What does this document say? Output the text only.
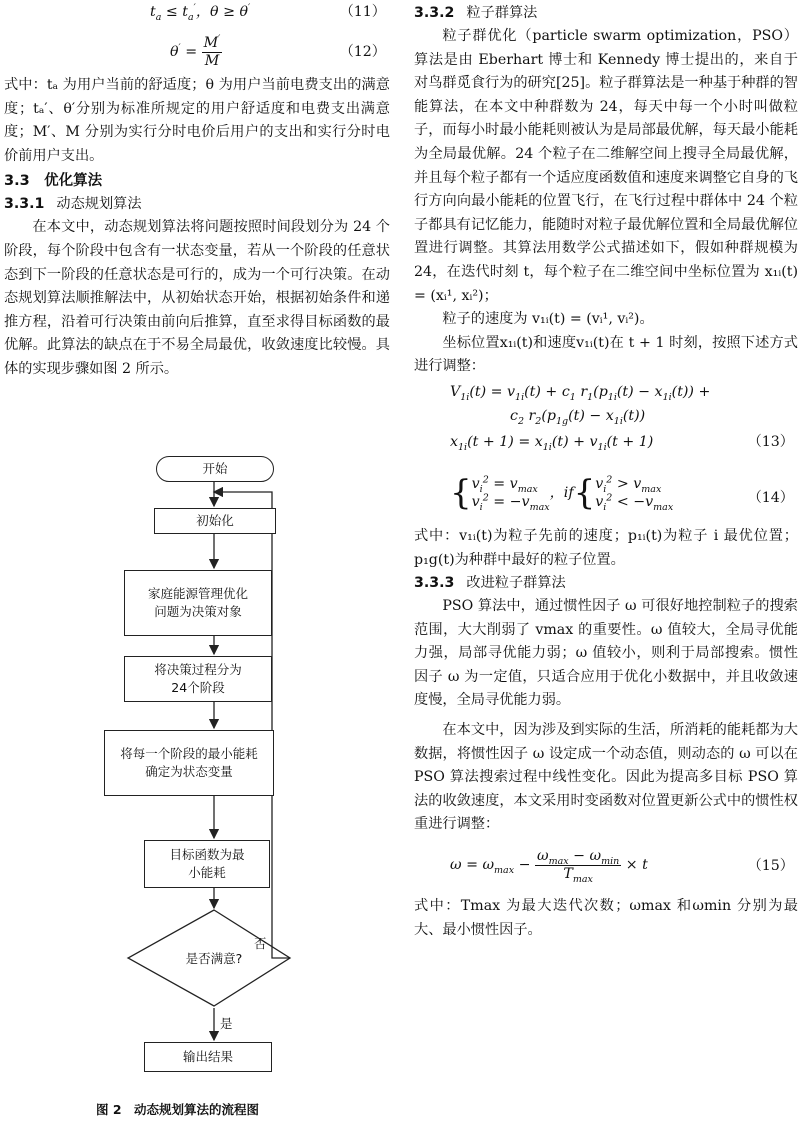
$t_a \le t_a'$，θ ≥ θ′	（11）
$\theta' = \frac{M'}{M}$	（12）

式中：tₐ 为用户当前的舒适度；θ 为用户当前电费支出的满意度；tₐ′、θ′分别为标准所规定的用户舒适度和电费支出满意度；M′、M 分别为实行分时电价后用户的支出和实行分时电价前用户支出。

3.3　优化算法

3.3.1 动态规划算法

在本文中，动态规划算法将问题按照时间段划分为 24 个阶段，每个阶段中包含有一状态变量，若从一个阶段的任意状态到下一阶段的任意状态是可行的，成为一个可行决策。在动态规划算法顺推解法中，从初始状态开始，根据初始条件和递推方程，沿着可行决策由前向后推算，直至求得目标函数的最优解。此算法的缺点在于不易全局最优，收敛速度比较慢。具体的实现步骤如图 2 所示。

开始
初始化
家庭能源管理优化问题为决策对象
将决策过程分为24个阶段
将每一个阶段的最小能耗确定为状态变量
目标函数为最小能耗
是否满意?
否
是
输出结果
图 2　动态规划算法的流程图

3.3.2 粒子群算法

粒子群优化（particle swarm optimization，PSO）算法是由 Eberhart 博士和 Kennedy 博士提出的，来自于对鸟群觅食行为的研究[25]。粒子群算法是一种基于种群的智能算法，在本文中种群数为 24，每天中每一个小时叫做粒子，而每小时最小能耗则被认为是局部最优解，每天最小能耗为全局最优解。24 个粒子在二维解空间上搜寻全局最优解，并且每个粒子都有一个适应度函数值和速度来调整它自身的飞行方向向最小能耗的位置飞行，在飞行过程中群体中 24 个粒子都具有记忆能力，能随时对粒子最优解位置和全局最优解位置进行调整。其算法用数学公式描述如下，假如种群规模为 24，在迭代时刻 t，每个粒子在二维空间中坐标位置为 x₁ᵢ(t) = (xᵢ¹, xᵢ²)；

粒子的速度为 v₁ᵢ(t) = (vᵢ¹, vᵢ²)。

坐标位置x₁ᵢ(t)和速度v₁ᵢ(t)在 t + 1 时刻，按照下述方式进行调整：

$V_{1i}(t) = v_{1i}(t) + c_1$ $r_1(p_{1i}(t) - x_{1i}(t))$ +
$c_2$ $r_2(p_{1g}(t) - x_{1i}(t))$
$x_{1i}(t + 1) = x_{1i}(t) + v_{1i}(t + 1)$	（13）
{$v_i^2 = v_{max}$
$v_i^2 = -v_{max}$，$if\{v_i^2 > v_{max}$
$v_i^2 < -v_{max}$
（14）

式中：v₁ᵢ(t)为粒子先前的速度；p₁ᵢ(t)为粒子 i 最优位置；p₁g(t)为种群中最好的粒子位置。

3.3.3 改进粒子群算法

PSO 算法中，通过惯性因子 ω 可很好地控制粒子的搜索范围，大大削弱了 vmax 的重要性。ω 值较大，全局寻优能力强，局部寻优能力弱；ω 值较小，则利于局部搜索。惯性因子 ω 为一定值，只适合应用于优化小数据中，并且收敛速度慢，全局寻优能力弱。

在本文中，因为涉及到实际的生活，所消耗的能耗都为大数据，将惯性因子 ω 设定成一个动态值，则动态的 ω 可以在 PSO 算法搜索过程中线性变化。因此为提高多目标 PSO 算法的收敛速度，本文采用时变函数对位置更新公式中的惯性权重进行调整：

$\omega = \omega_{max} - \frac{\omega_{max} - \omega_{min}}{T_{max}} \times t$	（15）

式中：Tmax 为最大迭代次数；ωmax 和ωmin 分别为最大、最小惯性因子。
